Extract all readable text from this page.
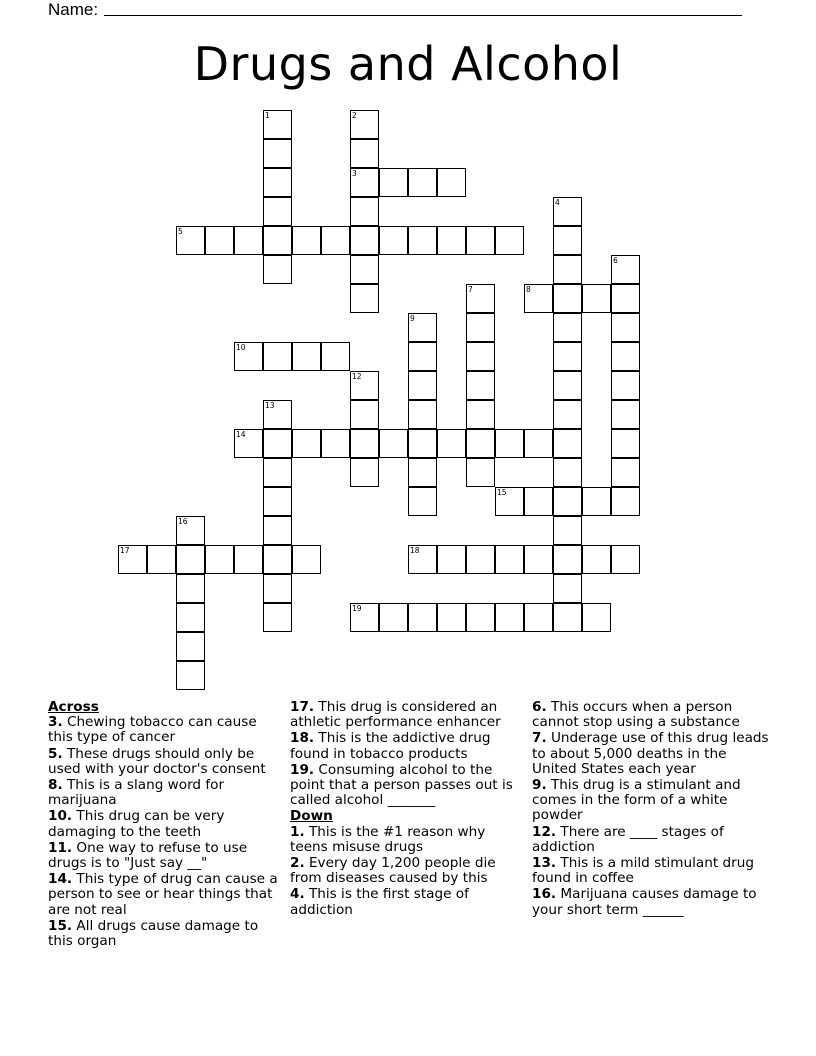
Name:
Drugs and Alcohol
1	2
3
4
5
6
7	8
9
10
12
13
14
15
16
17	18
19

Across

3. Chewing tobacco can cause this type of cancer
5. These drugs should only be used with your doctor's consent
8. This is a slang word for marijuana
10. This drug can be very damaging to the teeth
11. One way to refuse to use drugs is to "Just say __"
14. This type of drug can cause a person to see or hear things that are not real
15. All drugs cause damage to this organ
17. This drug is considered an athletic performance enhancer
18. This is the addictive drug found in tobacco products
19. Consuming alcohol to the point that a person passes out is called alcohol _______

Down

1. This is the #1 reason why teens misuse drugs
2. Every day 1,200 people die from diseases caused by this
4. This is the first stage of addiction
6. This occurs when a person cannot stop using a substance
7. Underage use of this drug leads to about 5,000 deaths in the United States each year
9. This drug is a stimulant and comes in the form of a white powder
12. There are ____ stages of addiction
13. This is a mild stimulant drug found in coffee
16. Marijuana causes damage to your short term ______
